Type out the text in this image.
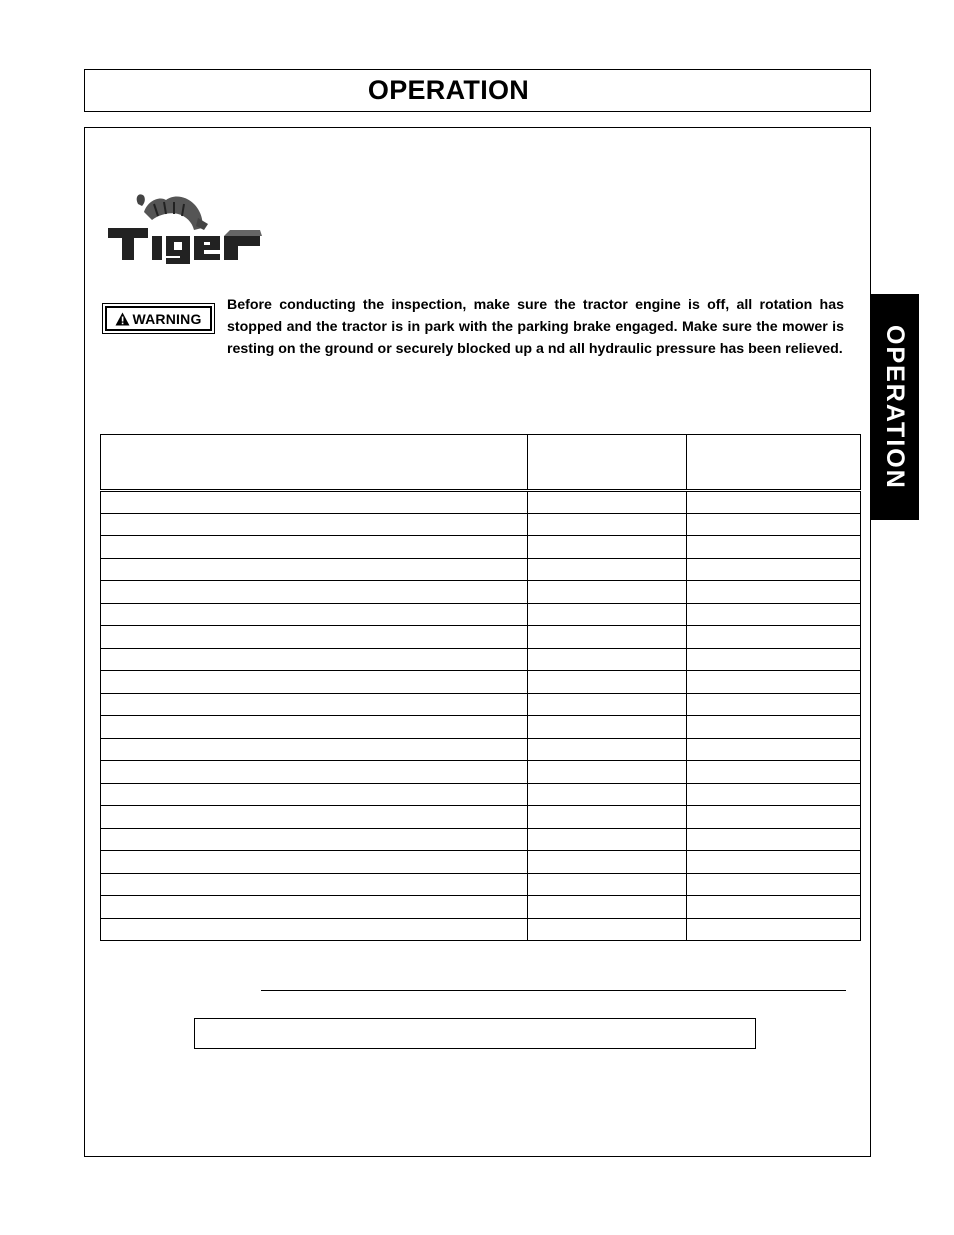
OPERATION
WARNING
Before conducting the inspection, make sure the tractor engine is off, all rotation has stopped and the tractor is in park with the parking brake engaged. Make sure the mower is resting on the ground or securely blocked up a nd all hydraulic pressure has been relieved. OPERATION
